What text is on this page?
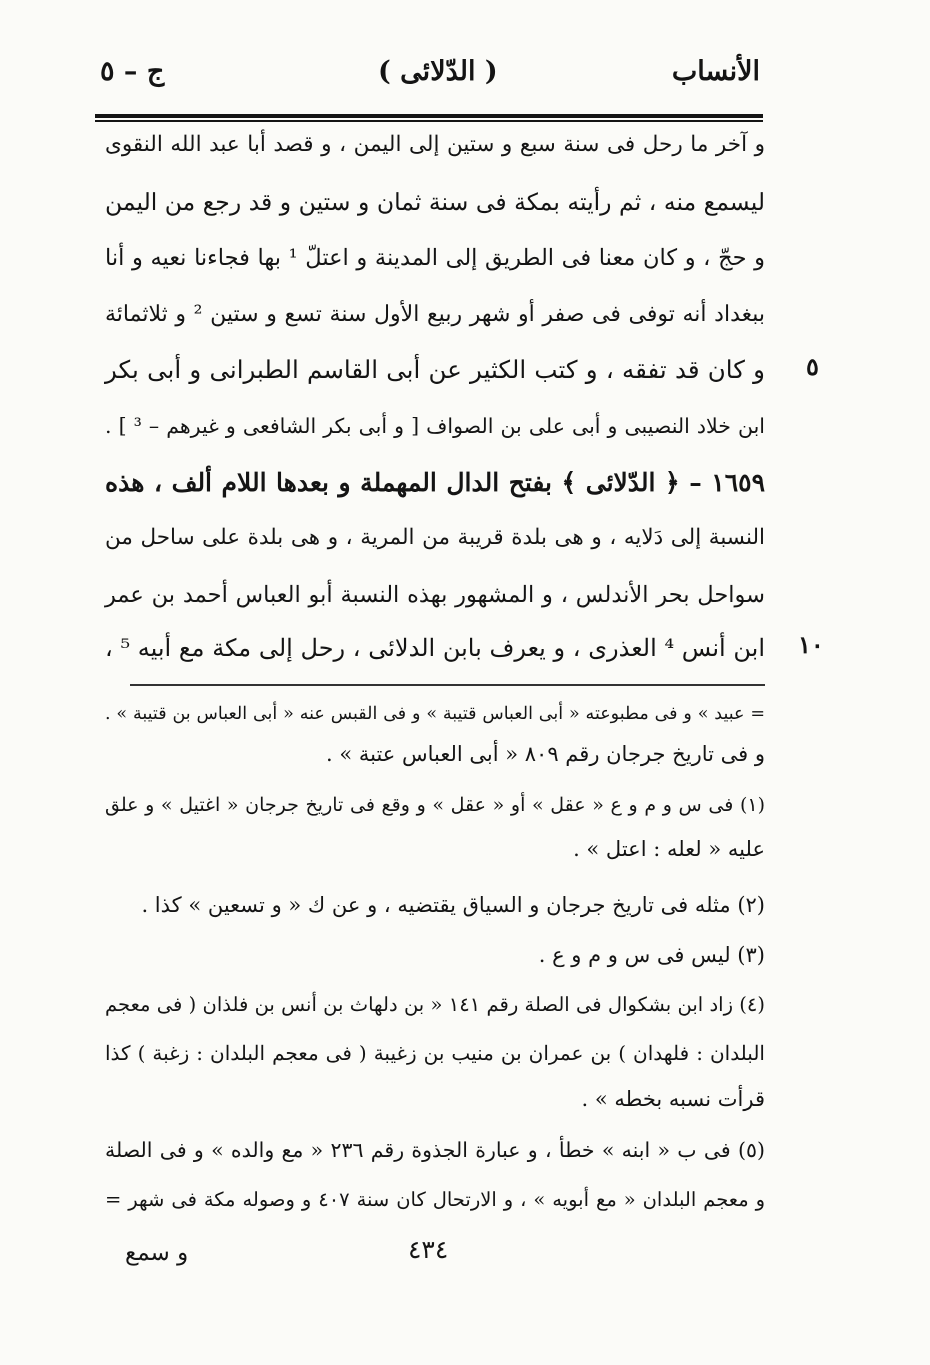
الأنساب
( الدّلائى )
ج – ٥
و آخر ما رحل فى سنة سبع و ستين إلى اليمن ، و قصد أبا عبد الله النقوى
ليسمع منه ، ثم رأيته بمكة فى سنة ثمان و ستين و قد رجع من اليمن
و حجّ ، و كان معنا فى الطريق إلى المدينة و اعتلّ ¹ بها فجاءنا نعيه و أنا
ببغداد أنه توفى فى صفر أو شهر ربيع الأول سنة تسع و ستين ² و ثلاثمائة
و كان قد تفقه ، و كتب الكثير عن أبى القاسم الطبرانى و أبى بكر
ابن خلاد النصيبى و أبى على بن الصواف [ و أبى بكر الشافعى و غيرهم – ³ ] .
١٦٥٩ – ﴿ الدّلائى ﴾ بفتح الدال المهملة و بعدها اللام ألف ، هذه
النسبة إلى دَلايه ، و هى بلدة قريبة من المرية ، و هى بلدة على ساحل من
سواحل بحر الأندلس ، و المشهور بهذه النسبة أبو العباس أحمد بن عمر
ابن أنس ⁴ العذرى ، و يعرف بابن الدلائى ، رحل إلى مكة مع أبيه ⁵ ،
٥
١٠
= عبيد » و فى مطبوعته « أبى العباس قتيبة » و فى القبس عنه « أبى العباس بن قتيبة » .
و فى تاريخ جرجان رقم ٨٠٩ « أبى العباس عتبة » .
(١) فى س و م و ع « عقل » أو « عقل » و وقع فى تاريخ جرجان « اغتيل » و علق
عليه « لعله : اعتل » .
(٢) مثله فى تاريخ جرجان و السياق يقتضيه ، و عن ك « و تسعين » كذا .
(٣) ليس فى س و م و ع .
(٤) زاد ابن بشكوال فى الصلة رقم ١٤١ « بن دلهاث بن أنس بن فلذان ( فى معجم
البلدان : فلهدان ) بن عمران بن منيب بن زغيبة ( فى معجم البلدان : زغبة ) كذا
قرأت نسبه بخطه » .
(٥) فى ب « ابنه » خطأ ، و عبارة الجذوة رقم ٢٣٦ « مع والده » و فى الصلة
و معجم البلدان « مع أبويه » ، و الارتحال كان سنة ٤٠٧ و وصوله مكة فى شهر =
٤٣٤
و سمع
